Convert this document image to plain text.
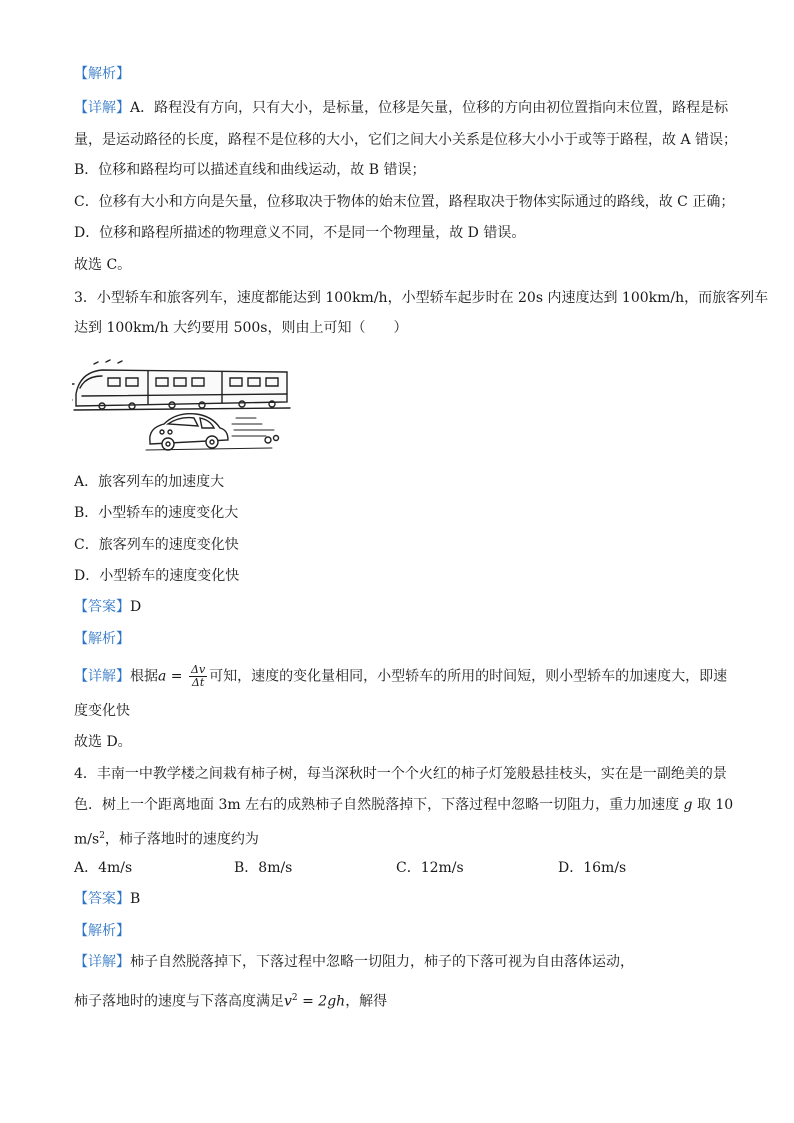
【解析】
【详解】A．路程没有方向，只有大小，是标量，位移是矢量，位移的方向由初位置指向末位置，路程是标
量，是运动路径的长度，路程不是位移的大小，它们之间大小关系是位移大小小于或等于路程，故 A 错误；
B．位移和路程均可以描述直线和曲线运动，故 B 错误；
C．位移有大小和方向是矢量，位移取决于物体的始末位置，路程取决于物体实际通过的路线，故 C 正确；
D．位移和路程所描述的物理意义不同，不是同一个物理量，故 D 错误。
故选 C。
3．小型轿车和旅客列车，速度都能达到 100km/h，小型轿车起步时在 20s 内速度达到 100km/h，而旅客列车
达到 100km/h 大约要用 500s，则由上可知（　　）
A．旅客列车的加速度大
B．小型轿车的速度变化大
C．旅客列车的速度变化快
D．小型轿车的速度变化快
【答案】D
【解析】
【详解】根据$a = \frac{\Delta v}{\Delta t}$ 可知，速度的变化量相同，小型轿车的所用的时间短，则小型轿车的加速度大，即速
度变化快
故选 D。
4．丰南一中教学楼之间栽有柿子树，每当深秋时一个个火红的柿子灯笼般悬挂枝头，实在是一副绝美的景
色．树上一个距离地面 3m 左右的成熟柿子自然脱落掉下，下落过程中忽略一切阻力，重力加速度 g 取 10
$m/s^2$，柿子落地时的速度约为
A．4m/s	B．8m/s	C．12m/s	D．16m/s
【答案】B
【解析】
【详解】柿子自然脱落掉下，下落过程中忽略一切阻力，柿子的下落可视为自由落体运动，
柿子落地时的速度与下落高度满足$v^2 = 2gh$，解得
